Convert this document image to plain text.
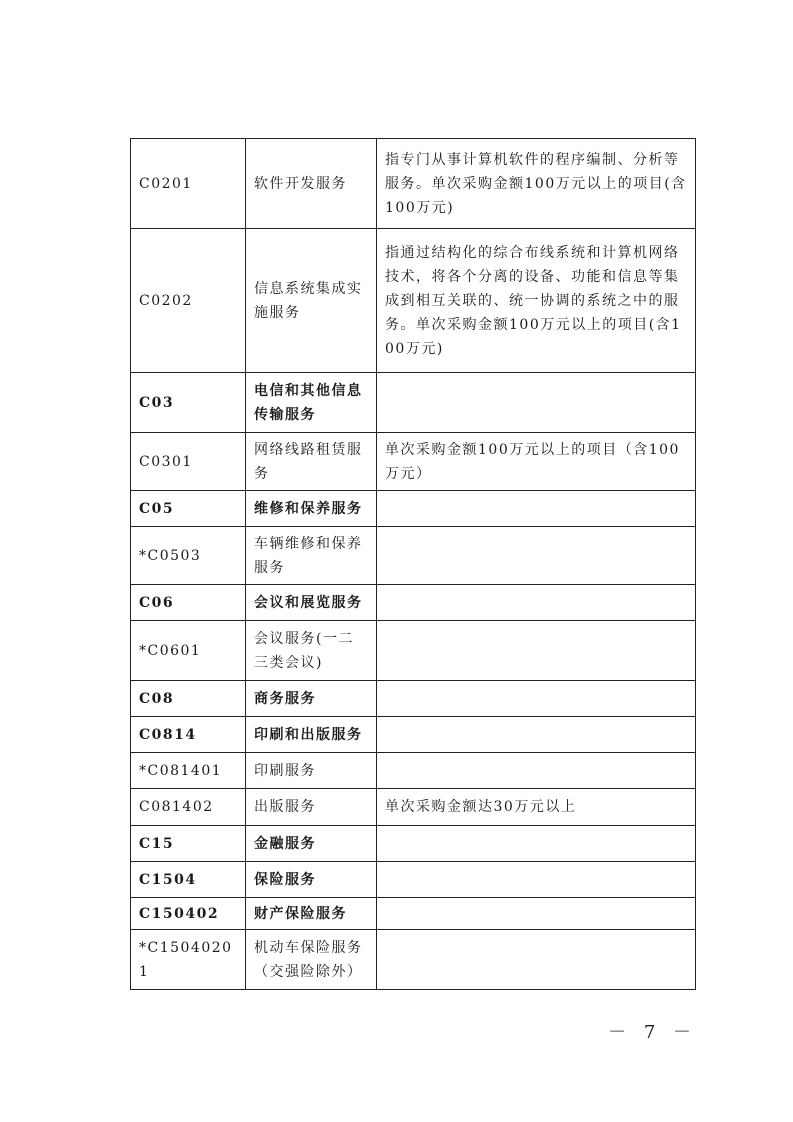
C0201	软件开发服务	指专门从事计算机软件的程序编制、分析等服务。单次采购金额100万元以上的项目(含100万元)
C0202	信息系统集成实施服务	指通过结构化的综合布线系统和计算机网络技术，将各个分离的设备、功能和信息等集成到相互关联的、统一协调的系统之中的服务。单次采购金额100万元以上的项目(含100万元)
C03	电信和其他信息传输服务	
C0301	网络线路租赁服务	单次采购金额100万元以上的项目（含100万元）
C05	维修和保养服务	
*C0503	车辆维修和保养服务	
C06	会议和展览服务	
*C0601	会议服务(一二三类会议)	
C08	商务服务	
C0814	印刷和出版服务	
*C081401	印刷服务	
C081402	出版服务	单次采购金额达30万元以上
C15	金融服务	
C1504	保险服务	
C150402	财产保险服务	
*C15040201	机动车保险服务（交强险除外）	
－ 7 －
